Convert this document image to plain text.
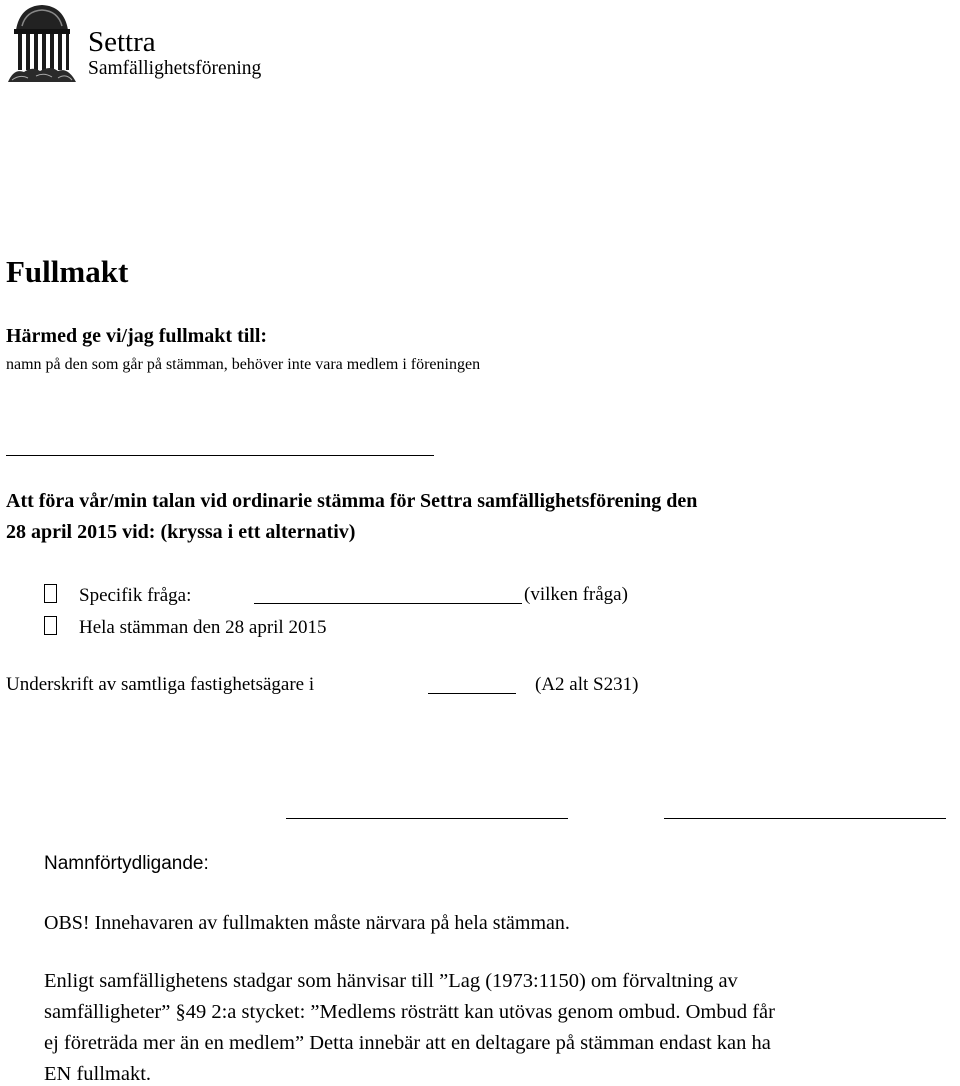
Settra
Samfällighetsförening
Fullmakt
Härmed ge vi/jag fullmakt till:
namn på den som går på stämman, behöver inte vara medlem i föreningen
Att föra vår/min talan vid ordinarie stämma för Settra samfällighetsförening den
28 april 2015 vid: (kryssa i ett alternativ)
Specifik fråga:	(vilken fråga)
Hela stämman den 28 april 2015
Underskrift av samtliga fastighetsägare i	(A2 alt S231)
Namnförtydligande:
OBS! Innehavaren av fullmakten måste närvara på hela stämman.
Enligt samfällighetens stadgar som hänvisar till ”Lag (1973:1150) om förvaltning av
samfälligheter” §49 2:a stycket: ”Medlems rösträtt kan utövas genom ombud. Ombud får
ej företräda mer än en medlem” Detta innebär att en deltagare på stämman endast kan ha
EN fullmakt.
